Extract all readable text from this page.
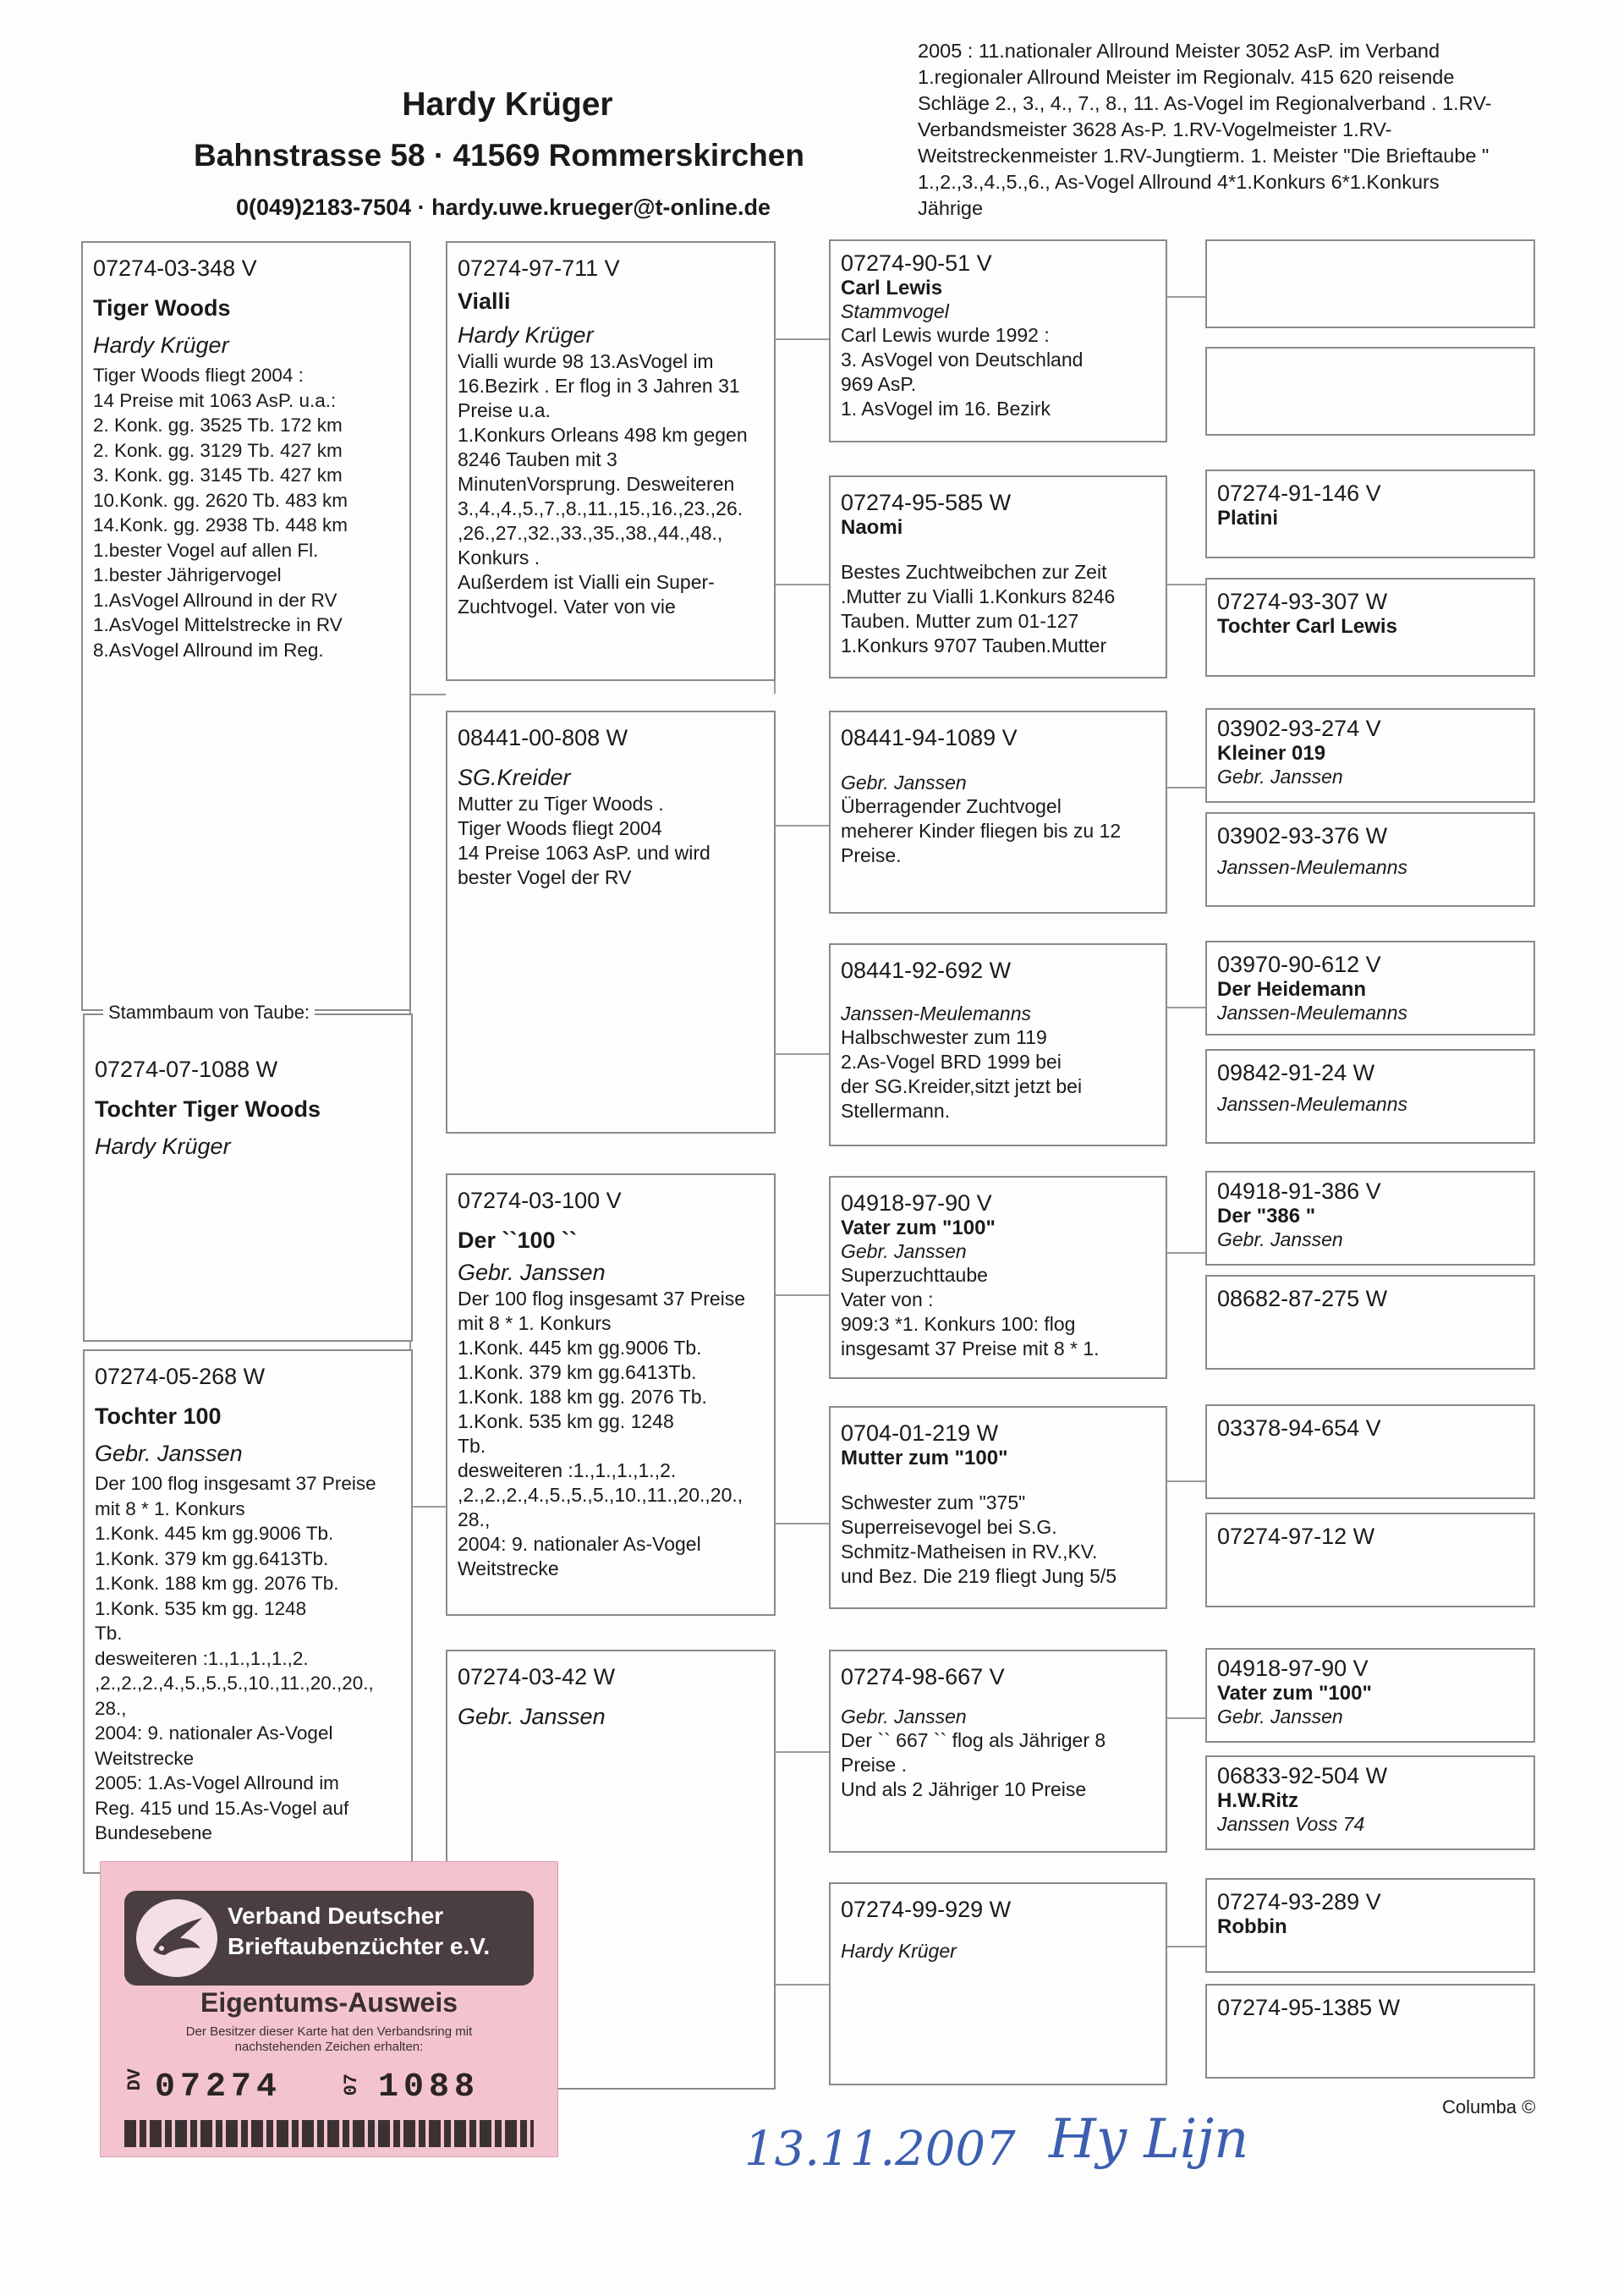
Hardy Krüger
Bahnstrasse 58 · 41569 Rommerskirchen
0(049)2183-7504 · hardy.uwe.krueger@t-online.de
2005 : 11.nationaler Allround Meister 3052 AsP. im Verband 1.regionaler Allround Meister im Regionalv. 415 620 reisende Schläge 2., 3., 4., 7., 8., 11. As-Vogel im Regionalverband . 1.RV-Verbandsmeister 3628 As-P. 1.RV-Vogelmeister 1.RV-Weitstreckenmeister 1.RV-Jungtierm. 1. Meister "Die Brieftaube " 1.,2.,3.,4.,5.,6., As-Vogel Allround 4*1.Konkurs 6*1.Konkurs Jährige
07274-03-348 V
Tiger Woods
Hardy Krüger
Tiger Woods fliegt 2004 :
14 Preise mit 1063 AsP. u.a.:
2. Konk. gg. 3525 Tb. 172 km
2. Konk. gg. 3129 Tb. 427 km
3. Konk. gg. 3145 Tb. 427 km
10.Konk. gg. 2620 Tb. 483 km
14.Konk. gg. 2938 Tb. 448 km
1.bester Vogel auf allen Fl.
1.bester Jährigervogel
1.AsVogel Allround in der RV
1.AsVogel Mittelstrecke in RV
8.AsVogel Allround im Reg.
07274-07-1088 W
Tochter Tiger Woods
Hardy Krüger
Stammbaum von Taube:
07274-05-268 W
Tochter 100
Gebr. Janssen
Der 100 flog insgesamt 37 Preise
mit 8 * 1. Konkurs
1.Konk. 445 km gg.9006 Tb.
1.Konk. 379 km gg.6413Tb.
1.Konk. 188 km gg. 2076 Tb.
1.Konk. 535 km gg. 1248
Tb.
desweiteren :1.,1.,1.,1.,2.
,2.,2.,2.,4.,5.,5.,5.,10.,11.,20.,20.,
28.,
2004: 9. nationaler As-Vogel
Weitstrecke
2005: 1.As-Vogel Allround im
Reg. 415 und 15.As-Vogel auf
Bundesebene
07274-97-711 V
Vialli
Hardy Krüger
Vialli wurde 98 13.AsVogel im
16.Bezirk . Er flog in 3 Jahren 31
Preise u.a.
1.Konkurs Orleans 498 km gegen
8246 Tauben mit 3
MinutenVorsprung. Desweiteren
3.,4.,4.,5.,7.,8.,11.,15.,16.,23.,26.
,26.,27.,32.,33.,35.,38.,44.,48.,
Konkurs .
Außerdem ist Vialli ein Super-
Zuchtvogel. Vater von vie
08441-00-808 W
SG.Kreider
Mutter zu Tiger Woods .
Tiger Woods fliegt 2004
14 Preise 1063 AsP. und wird
bester Vogel der RV
07274-03-100 V
Der ``100 ``
Gebr. Janssen
Der 100 flog insgesamt 37 Preise
mit 8 * 1. Konkurs
1.Konk. 445 km gg.9006 Tb.
1.Konk. 379 km gg.6413Tb.
1.Konk. 188 km gg. 2076 Tb.
1.Konk. 535 km gg. 1248
Tb.
desweiteren :1.,1.,1.,1.,2.
,2.,2.,2.,4.,5.,5.,5.,10.,11.,20.,20.,
28.,
2004: 9. nationaler As-Vogel
Weitstrecke
07274-03-42 W
Gebr. Janssen
07274-90-51 V
Carl Lewis
Stammvogel
Carl Lewis wurde 1992 :
3. AsVogel von Deutschland
969 AsP.
1. AsVogel im 16. Bezirk
07274-95-585 W
Naomi
Bestes Zuchtweibchen zur Zeit
.Mutter zu Vialli 1.Konkurs 8246
Tauben. Mutter zum 01-127
1.Konkurs 9707 Tauben.Mutter
08441-94-1089 V
Gebr. Janssen
Überragender Zuchtvogel
meherer Kinder fliegen bis zu 12
Preise.
08441-92-692 W
Janssen-Meulemanns
Halbschwester zum 119
2.As-Vogel BRD 1999 bei
der SG.Kreider,sitzt jetzt bei
Stellermann.
04918-97-90 V
Vater zum "100"
Gebr. Janssen
Superzuchttaube
Vater von :
909:3 *1. Konkurs 100: flog
insgesamt 37 Preise mit 8 * 1.
0704-01-219 W
Mutter zum "100"
Schwester zum "375"
Superreisevogel bei S.G.
Schmitz-Matheisen in RV.,KV.
und Bez. Die 219 fliegt Jung 5/5
07274-98-667 V
Gebr. Janssen
Der `` 667 `` flog als Jähriger 8
Preise .
Und als 2 Jähriger 10 Preise
07274-99-929 W
Hardy Krüger
07274-91-146 V
Platini
07274-93-307 W
Tochter Carl Lewis
03902-93-274 V
Kleiner 019
Gebr. Janssen
03902-93-376 W
Janssen-Meulemanns
03970-90-612 V
Der Heidemann
Janssen-Meulemanns
09842-91-24 W
Janssen-Meulemanns
04918-91-386 V
Der "386 "
Gebr. Janssen
08682-87-275 W
03378-94-654 V
07274-97-12 W
04918-97-90 V
Vater zum "100"
Gebr. Janssen
06833-92-504 W
H.W.Ritz
Janssen Voss 74
07274-93-289 V
Robbin
07274-95-1385 W
Verband Deutscher
Brieftaubenzüchter e.V.
Eigentums-Ausweis
Der Besitzer dieser Karte hat den Verbandsring mit nachstehenden Zeichen erhalten:
DV 07274	07 1088
Columba ©
13.11.2007 Hy Lijn
